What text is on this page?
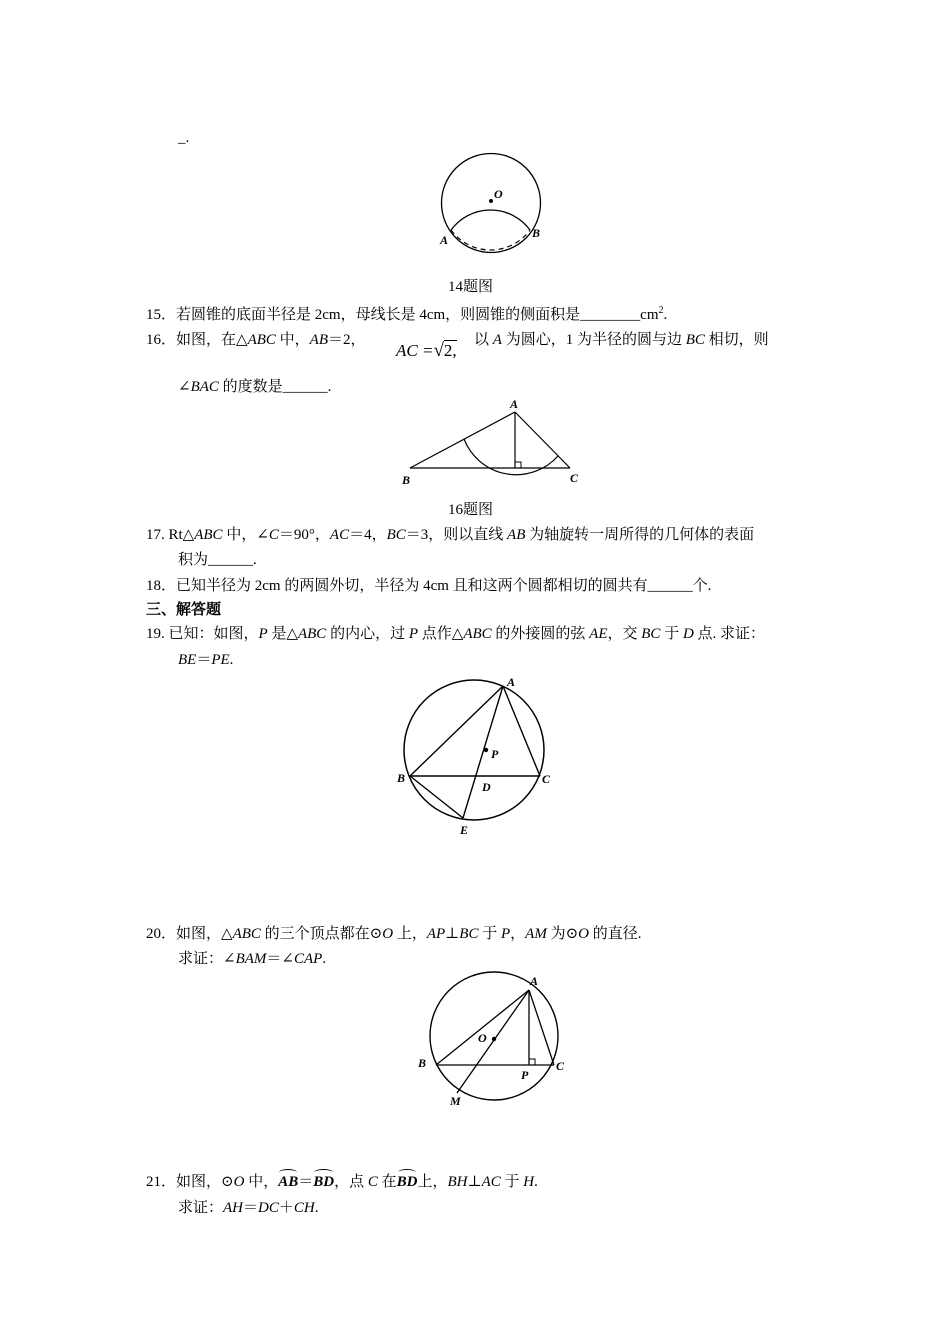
_.
O
A	B
14题图
15．若圆锥的底面半径是 2cm，母线长是 4cm，则圆锥的侧面积是$\_\_\_\_\_\_\_\_cm^2$.
16．如图，在△ABC 中，AB＝2，
AC =√2,
以 A 为圆心，1 为半径的圆与边 BC 相切，则
∠BAC 的度数是______.
A
B	C
16题图
17. Rt△ABC 中，∠C＝90°，AC＝4，BC＝3，则以直线 AB 为轴旋转一周所得的几何体的表面
积为______.
18．已知半径为 2cm 的两圆外切，半径为 4cm 且和这两个圆都相切的圆共有______个.
三、解答题
19. 已知：如图，P 是△ABC 的内心，过 P 点作△ABC 的外接圆的弦 AE，交 BC 于 D 点. 求证：
BE＝PE.
A
P
B	C
D
E
20．如图，△ABC 的三个顶点都在⊙O 上，AP⊥BC 于 P，AM 为⊙O 的直径.
求证：∠BAM＝∠CAP.
A
O
B
P
C
M
21．如图，⊙O 中，AB＝BD，点 C 在BD上，BH⊥AC 于 H.
求证：AH＝DC＋CH.
